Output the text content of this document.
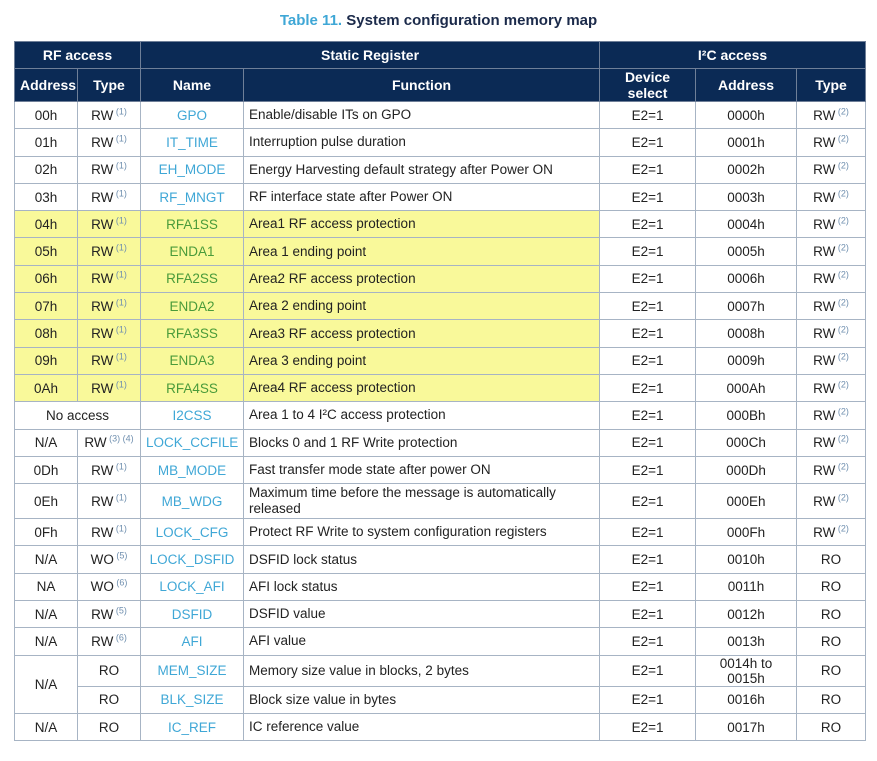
Table 11. System configuration memory map
RF access		Static Register		I²C access		
Address	Type	Name	Function	Device select	Address	Type
00h	RW $^{(1)}$	GPO	Enable/disable ITs on GPO	E2=1	0000h	RW $^{(2)}$
01h	RW $^{(1)}$	IT_TIME	Interruption pulse duration	E2=1	0001h	RW $^{(2)}$
02h	RW $^{(1)}$	EH_MODE	Energy Harvesting default strategy after Power ON	E2=1	0002h	RW $^{(2)}$
03h	RW $^{(1)}$	RF_MNGT	RF interface state after Power ON	E2=1	0003h	RW $^{(2)}$
04h	RW $^{(1)}$	RFA1SS	Area1 RF access protection	E2=1	0004h	RW $^{(2)}$
05h	RW $^{(1)}$	ENDA1	Area 1 ending point	E2=1	0005h	RW $^{(2)}$
06h	RW $^{(1)}$	RFA2SS	Area2 RF access protection	E2=1	0006h	RW $^{(2)}$
07h	RW $^{(1)}$	ENDA2	Area 2 ending point	E2=1	0007h	RW $^{(2)}$
08h	RW $^{(1)}$	RFA3SS	Area3 RF access protection	E2=1	0008h	RW $^{(2)}$
09h	RW $^{(1)}$	ENDA3	Area 3 ending point	E2=1	0009h	RW $^{(2)}$
0Ah	RW $^{(1)}$	RFA4SS	Area4 RF access protection	E2=1	000Ah	RW $^{(2)}$
No access		I2CSS	Area 1 to 4 I²C access protection	E2=1	000Bh	RW $^{(2)}$
N/A	RW $^{(3) (4)}$	LOCK_CCFILE	Blocks 0 and 1 RF Write protection	E2=1	000Ch	RW $^{(2)}$
0Dh	RW $^{(1)}$	MB_MODE	Fast transfer mode state after power ON	E2=1	000Dh	RW $^{(2)}$
0Eh	RW $^{(1)}$	MB_WDG	Maximum time before the message is automatically released	E2=1	000Eh	RW $^{(2)}$
0Fh	RW $^{(1)}$	LOCK_CFG	Protect RF Write to system configuration registers	E2=1	000Fh	RW $^{(2)}$
N/A	WO $^{(5)}$	LOCK_DSFID	DSFID lock status	E2=1	0010h	RO
NA	WO $^{(6)}$	LOCK_AFI	AFI lock status	E2=1	0011h	RO
N/A	RW $^{(5)}$	DSFID	DSFID value	E2=1	0012h	RO
N/A	RW $^{(6)}$	AFI	AFI value	E2=1	0013h	RO
N/A	RO	MEM_SIZE	Memory size value in blocks, 2 bytes	E2=1	0014h to 0015h	RO
	RO	BLK_SIZE	Block size value in bytes	E2=1	0016h	RO
N/A	RO	IC_REF	IC reference value	E2=1	0017h	RO
